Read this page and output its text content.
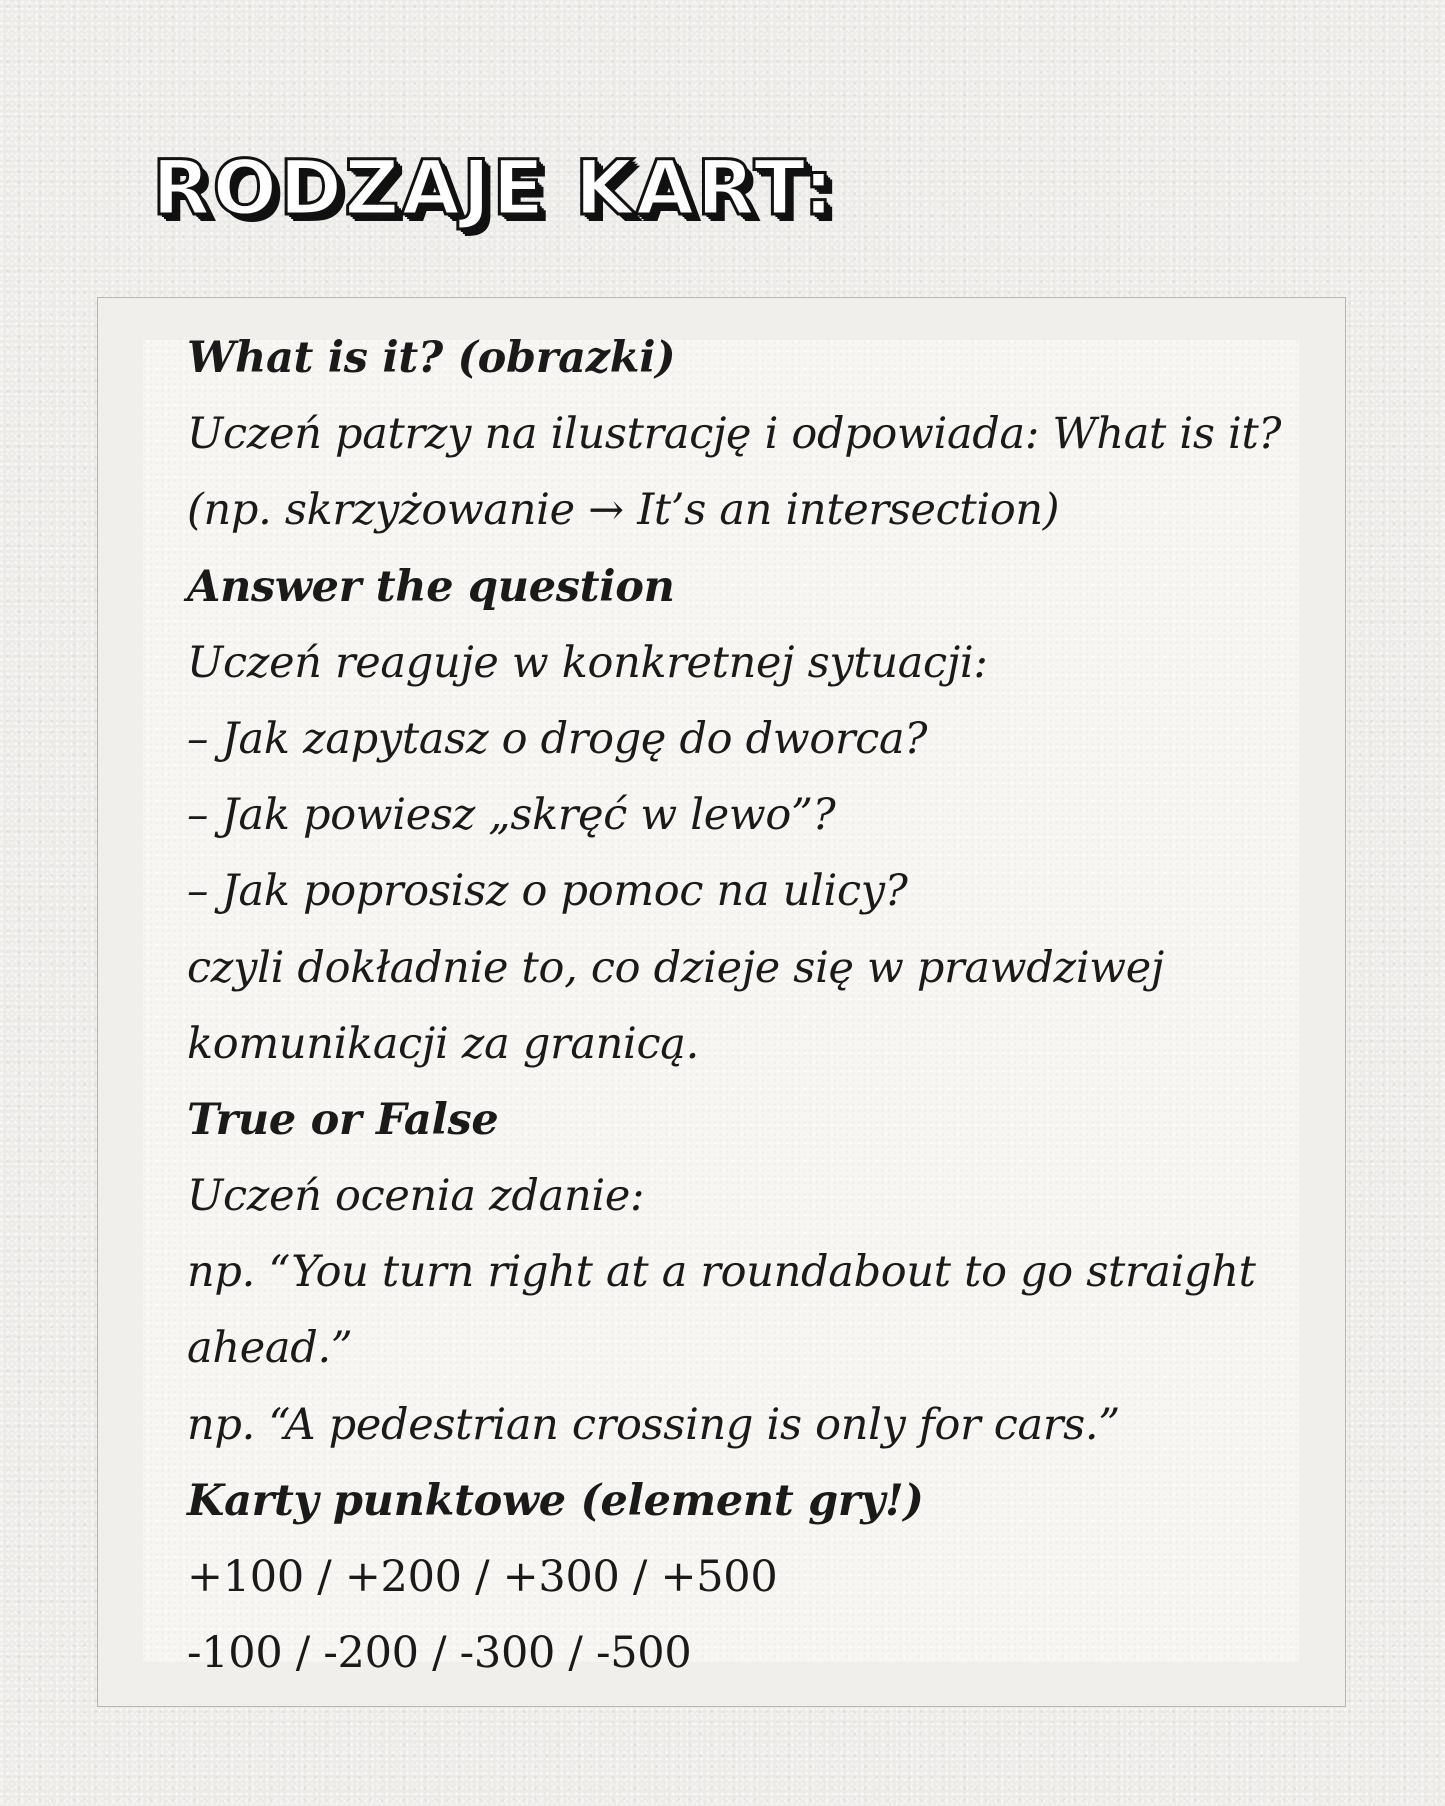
RODZAJE KART:
What is it? (obrazki)
Uczeń patrzy na ilustrację i odpowiada: What is it?
(np. skrzyżowanie → It’s an intersection)
Answer the question
Uczeń reaguje w konkretnej sytuacji:
– Jak zapytasz o drogę do dworca?
– Jak powiesz „skręć w lewo”?
– Jak poprosisz o pomoc na ulicy?
czyli dokładnie to, co dzieje się w prawdziwej
komunikacji za granicą.
True or False
Uczeń ocenia zdanie:
np. “You turn right at a roundabout to go straight
ahead.”
np. “A pedestrian crossing is only for cars.”
Karty punktowe (element gry!)
+100 / +200 / +300 / +500
-100 / -200 / -300 / -500
